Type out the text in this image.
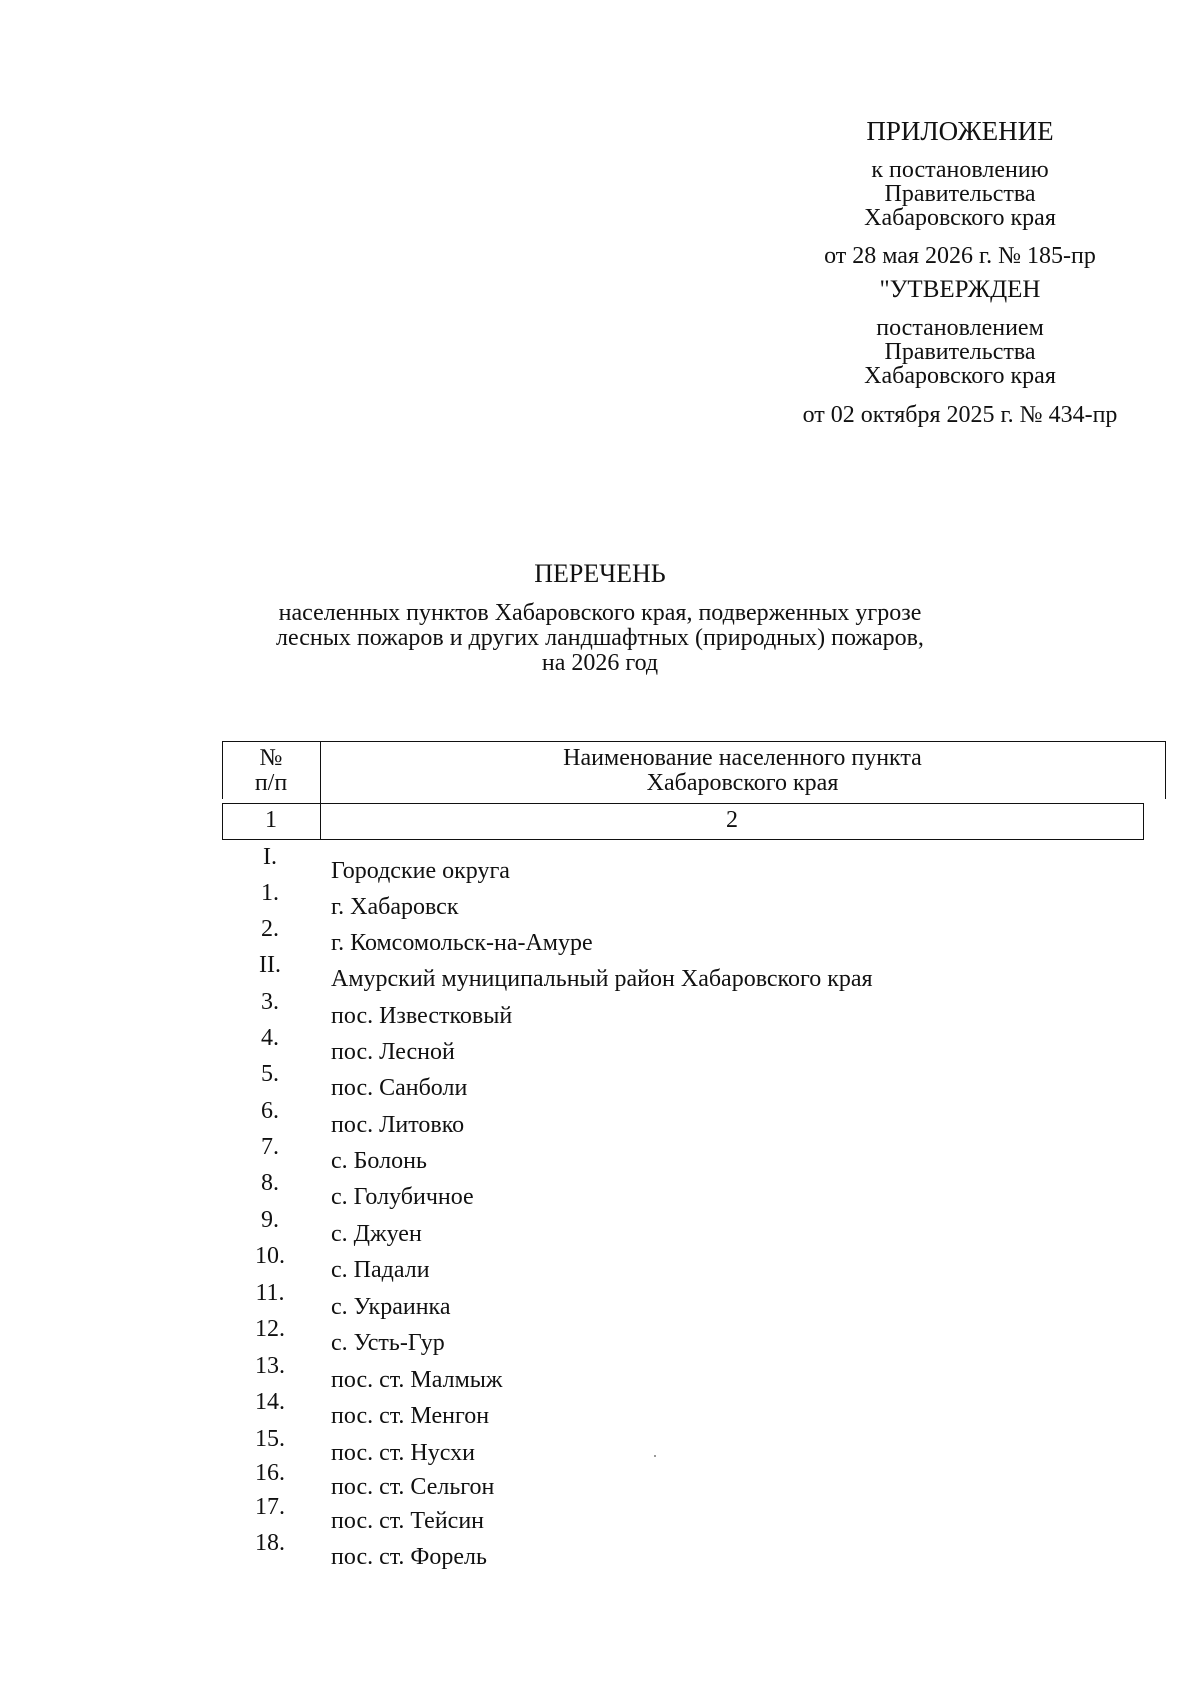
ПРИЛОЖЕНИЕ
к постановлению
Правительства
Хабаровского края
от 28 мая 2026 г. № 185-пр
"УТВЕРЖДЕН
постановлением
Правительства
Хабаровского края
от 02 октября 2025 г. № 434-пр
ПЕРЕЧЕНЬ
населенных пунктов Хабаровского края, подверженных угрозе
лесных пожаров и других ландшафтных (природных) пожаров,
на 2026 год
№
п/п
Наименование населенного пункта
Хабаровского края
1	2
I.
Городские округа
1.
г. Хабаровск
2.
г. Комсомольск-на-Амуре
II.
Амурский муниципальный район Хабаровского края
3.
пос. Известковый
4.
пос. Лесной
5.
пос. Санболи
6.
пос. Литовко
7.
с. Болонь
8.
с. Голубичное
9.
с. Джуен
10.
с. Падали
11.
с. Украинка
12.
с. Усть-Гур
13.
пос. ст. Малмыж
14.
пос. ст. Менгон
15.
пос. ст. Нусхи
16.
пос. ст. Сельгон
17.
пос. ст. Тейсин
18.
пос. ст. Форель
